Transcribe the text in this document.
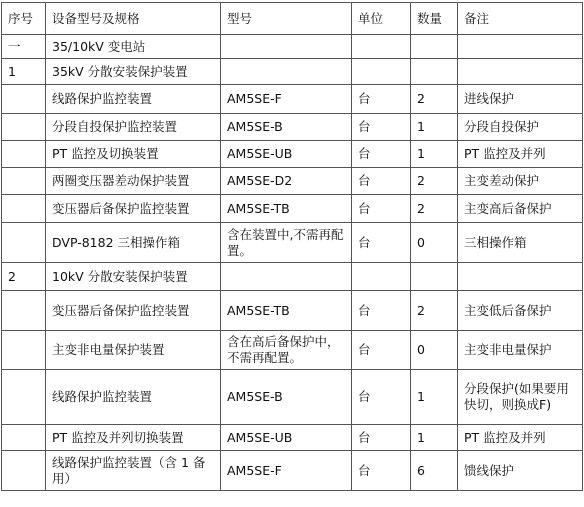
序号	设备型号及规格	型号	单位	数量	备注
一	35/10kV 变电站				
1	35kV 分散安装保护装置				
	线路保护监控装置	AM5SE-F	台	2	进线保护
	分段自投保护监控装置	AM5SE-B	台	1	分段自投保护
	PT 监控及切换装置	AM5SE-UB	台	1	PT 监控及并列
	两圈变压器差动保护装置	AM5SE-D2	台	2	主变差动保护
	变压器后备保护监控装置	AM5SE-TB	台	2	主变高后备保护
	DVP-8182 三相操作箱	含在装置中,不需再配置。	台	0	三相操作箱
2	10kV 分散安装保护装置				
	变压器后备保护监控装置	AM5SE-TB	台	2	主变低后备保护
	主变非电量保护装置	含在高后备保护中，不需再配置。	台	0	主变非电量保护
	线路保护监控装置	AM5SE-B	台	1	分段保护(如果要用快切，则换成F)
	PT 监控及并列切换装置	AM5SE-UB	台	1	PT 监控及并列
	线路保护监控装置（含 1 备用）	AM5SE-F	台	6	馈线保护
